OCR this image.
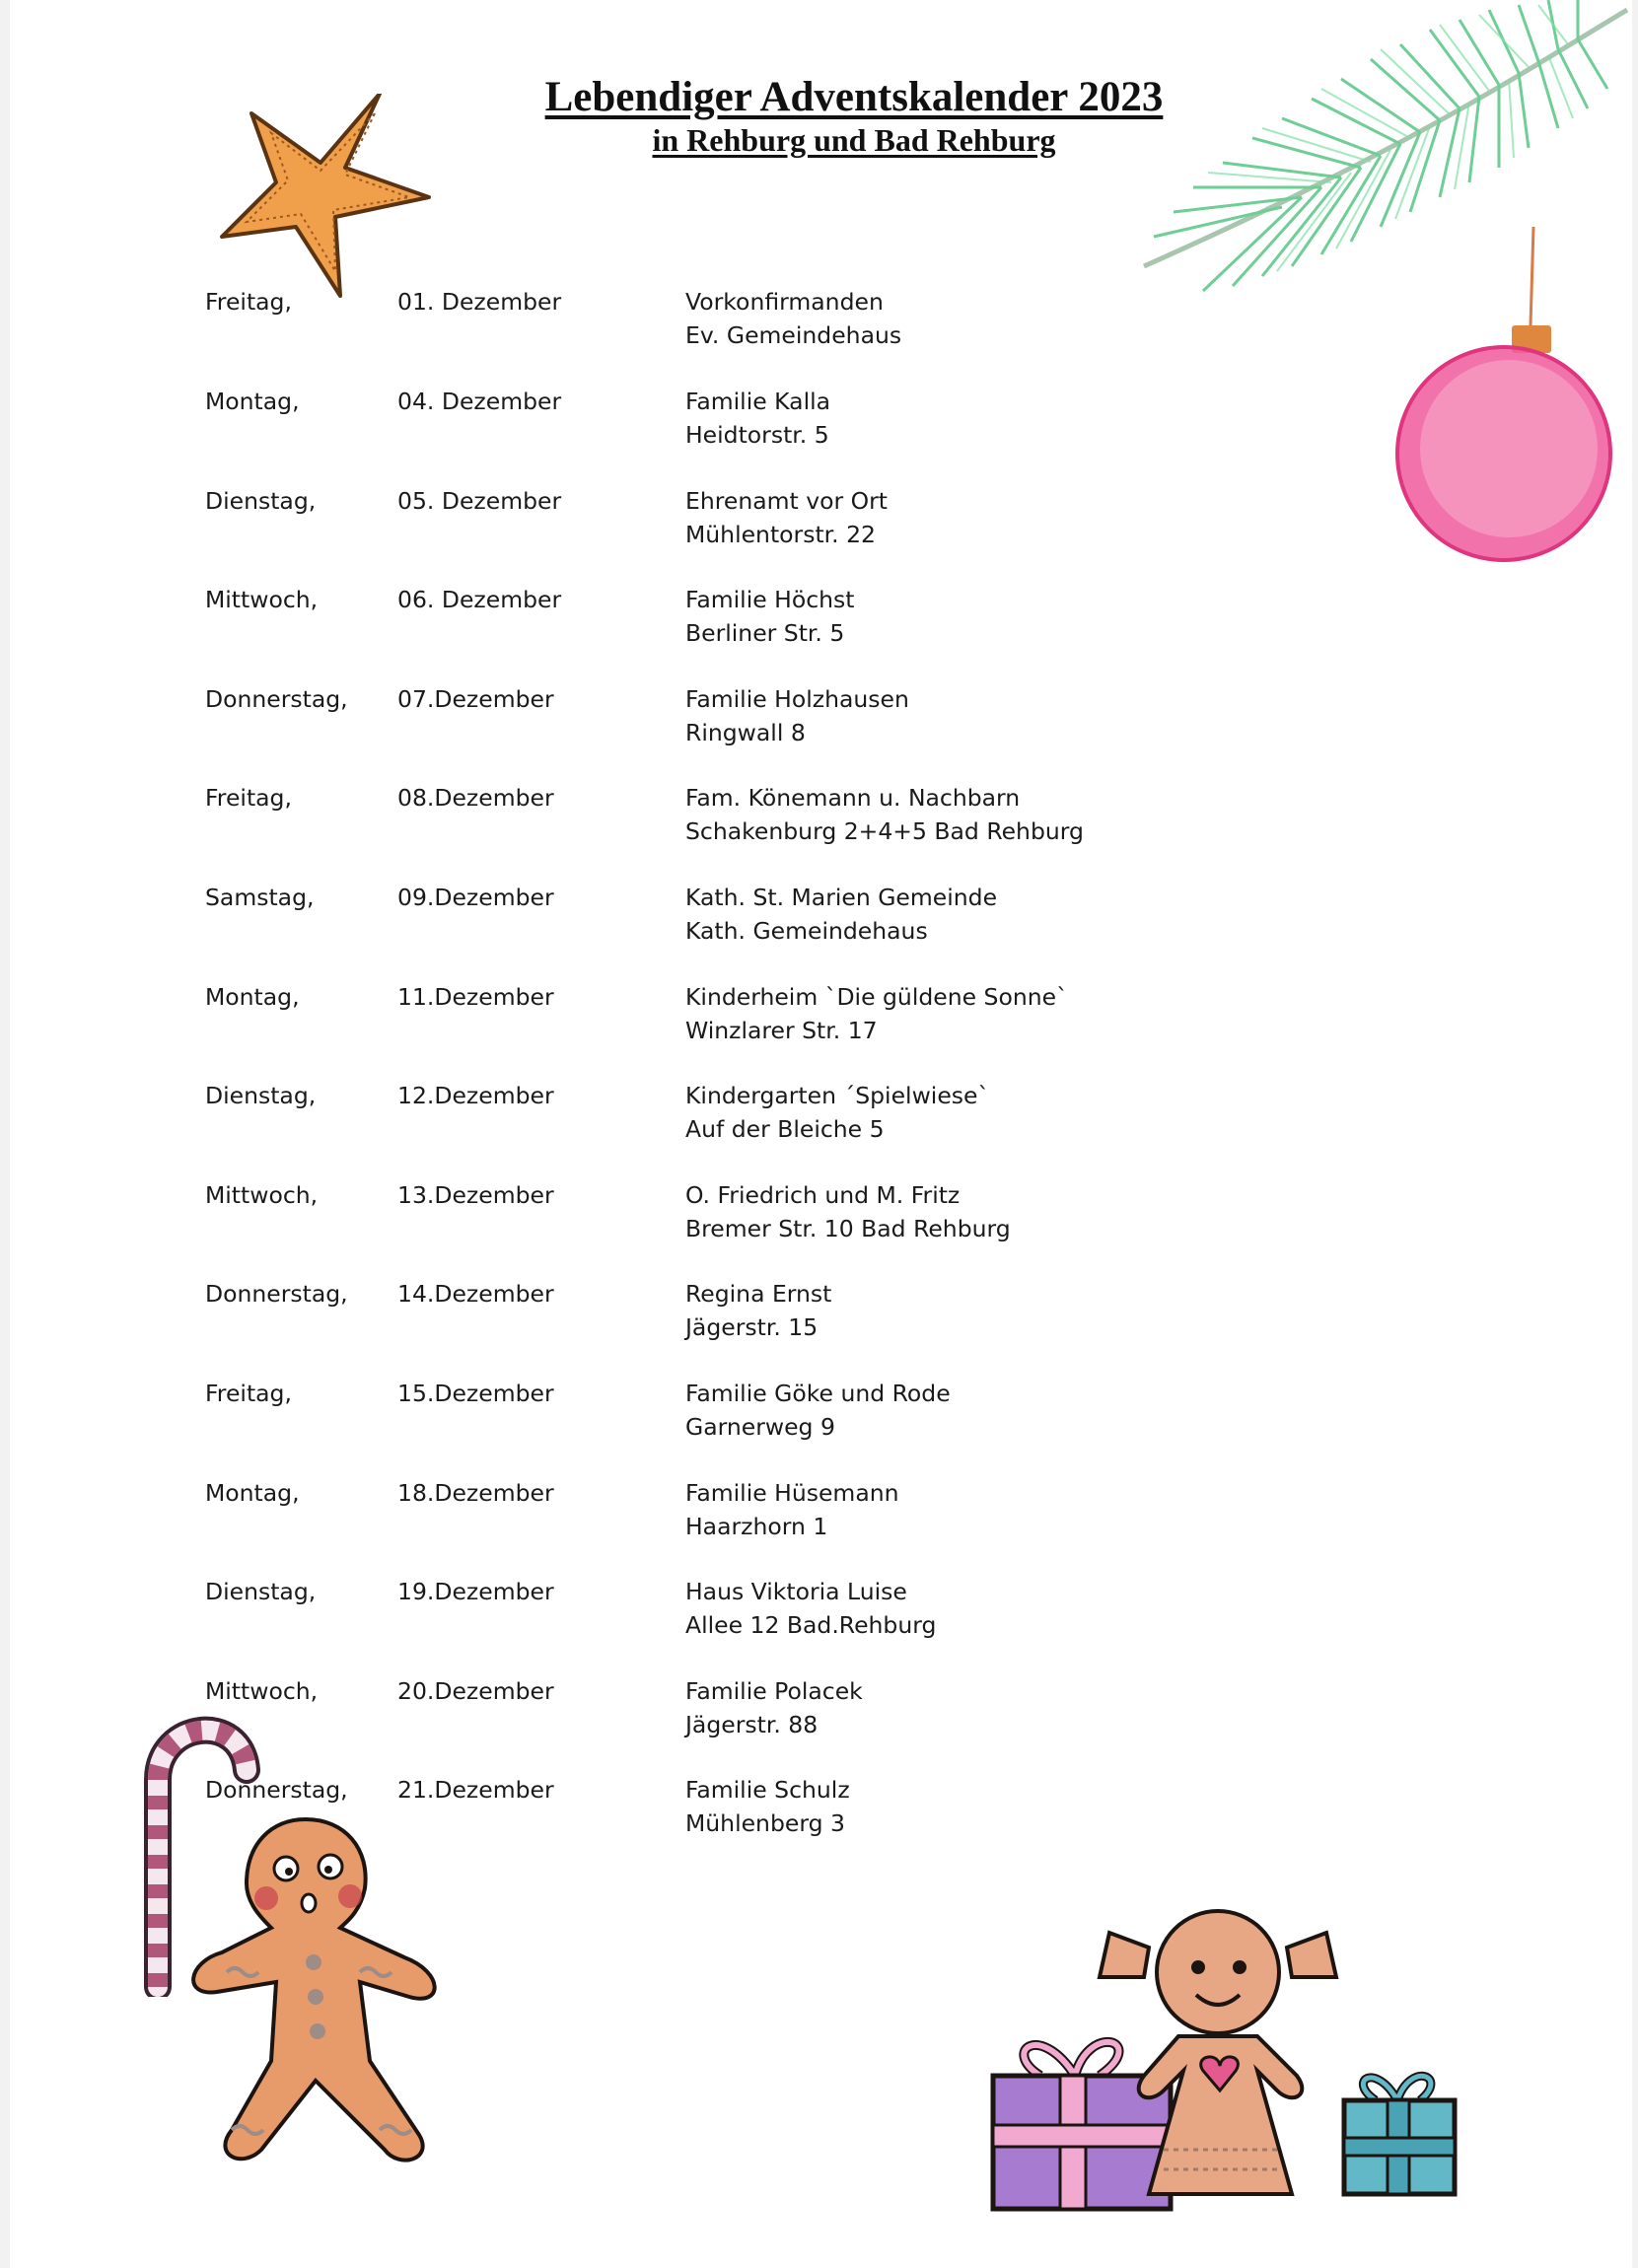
Lebendiger Adventskalender 2023
in Rehburg und Bad Rehburg
Freitag,	01. Dezember	Vorkonfirmanden
Ev. Gemeindehaus
Montag,	04. Dezember	Familie Kalla
Heidtorstr. 5
Dienstag,	05. Dezember	Ehrenamt vor Ort
Mühlentorstr. 22
Mittwoch,	06. Dezember	Familie Höchst
Berliner Str. 5
Donnerstag, 07.Dezember	Familie Holzhausen
Ringwall 8
Freitag,	08.Dezember	Fam. Könemann u. Nachbarn
Schakenburg 2+4+5 Bad Rehburg
Samstag,	09.Dezember	Kath. St. Marien Gemeinde
Kath. Gemeindehaus
Montag,	11.Dezember	Kinderheim `Die güldene Sonne`
Winzlarer Str. 17
Dienstag,	12.Dezember	Kindergarten ´Spielwiese`
Auf der Bleiche 5
Mittwoch,	13.Dezember	O. Friedrich und M. Fritz
Bremer Str. 10 Bad Rehburg
Donnerstag, 14.Dezember	Regina Ernst
Jägerstr. 15
Freitag,	15.Dezember	Familie Göke und Rode
Garnerweg 9
Montag,	18.Dezember	Familie Hüsemann
Haarzhorn 1
Dienstag,	19.Dezember	Haus Viktoria Luise
Allee 12 Bad.Rehburg
Mittwoch,	20.Dezember	Familie Polacek
Jägerstr. 88
Donnerstag, 21.Dezember	Familie Schulz
Mühlenberg 3
